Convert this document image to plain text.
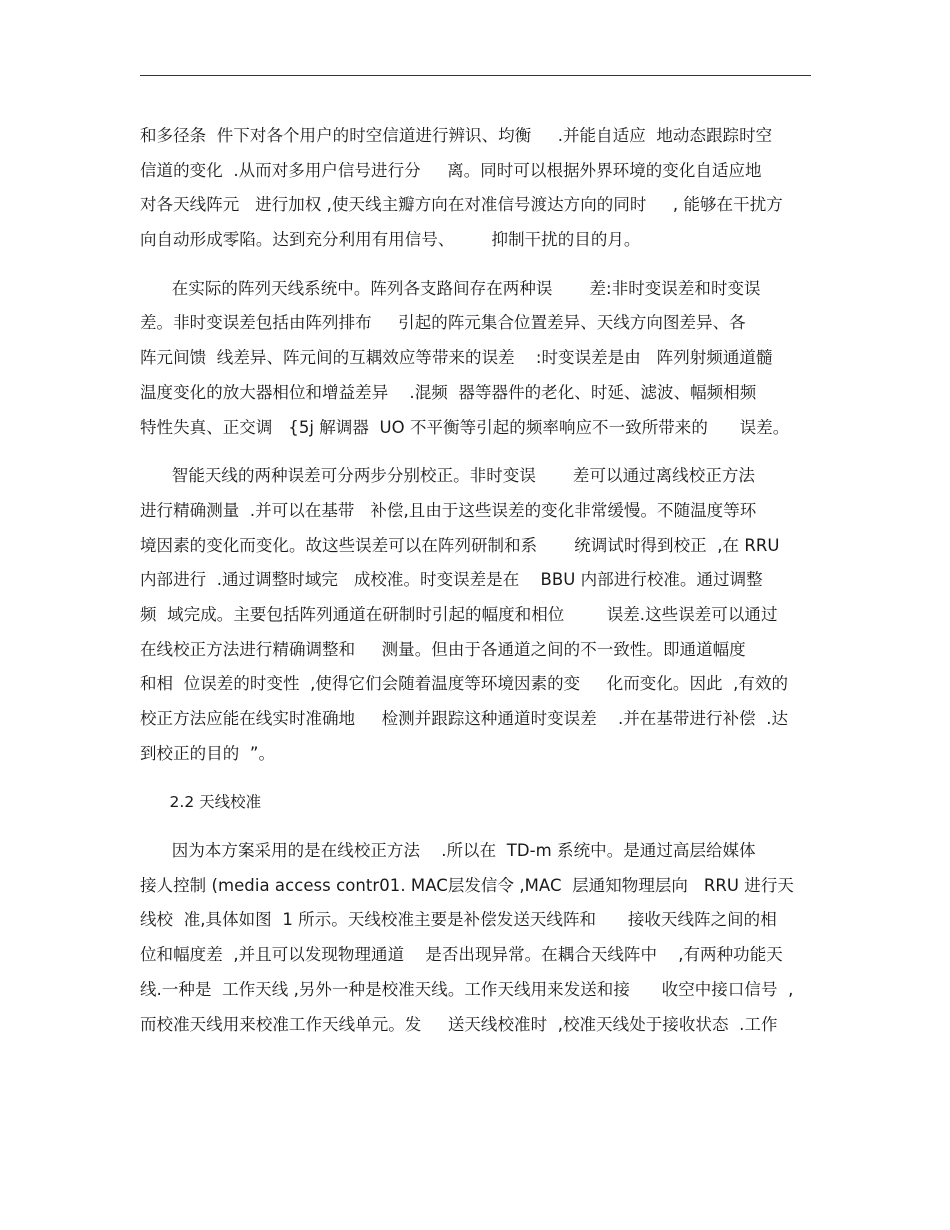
和多径条  件下对各个用户的时空信道进行辨识、均衡     .并能自适应  地动态跟踪时空
信道的变化  .从而对多用户信号进行分     离。同时可以根据外界环境的变化自适应地
对各天线阵元   进行加权 ,使天线主瓣方向在对准信号渡达方向的同时     , 能够在干扰方
向自动形成零陷。达到充分利用有用信号、       抑制干扰的目的月。
在实际的阵列天线系统中。阵列各支路间存在两种误       差:非时变误差和时变误
差。非时变误差包括由阵列排布     引起的阵元集合位置差异、天线方向图差异、各
阵元间馈  线差异、阵元间的互耦效应等带来的误差    :时变误差是由   阵列射频通道髓
温度变化的放大器相位和增益差异    .混频  器等器件的老化、时延、滤波、幅频相频
特性失真、正交调   {5j 解调器  UO 不平衡等引起的频率响应不一致所带来的      误差。
智能天线的两种误差可分两步分别校正。非时变误       差可以通过离线校正方法
进行精确测量  .并可以在基带   补偿,且由于这些误差的变化非常缓慢。不随温度等环
境因素的变化而变化。故这些误差可以在阵列研制和系       统调试时得到校正  ,在 RRU
内部进行  .通过调整时域完   成校准。时变误差是在    BBU 内部进行校准。通过调整
频  域完成。主要包括阵列通道在研制时引起的幅度和相位        误差.这些误差可以通过
在线校正方法进行精确调整和     测量。但由于各通道之间的不一致性。即通道幅度
和相  位误差的时变性  ,使得它们会随着温度等环境因素的变     化而变化。因此  ,有效的
校正方法应能在线实时准确地     检测并跟踪这种通道时变误差    .并在基带进行补偿  .达
到校正的目的  ”。
2.2 天线校准
因为本方案采用的是在线校正方法    .所以在  TD-m 系统中。是通过高层给媒体
接人控制 (media access contr01. MAC层发信令 ,MAC  层通知物理层向   RRU 进行天
线校  准,具体如图  1 所示。天线校准主要是补偿发送天线阵和      接收天线阵之间的相
位和幅度差  ,并且可以发现物理通道    是否出现异常。在耦合天线阵中    ,有两种功能天
线.一种是  工作天线 ,另外一种是校准天线。工作天线用来发送和接      收空中接口信号  ,
而校准天线用来校准工作天线单元。发     送天线校准时  ,校准天线处于接收状态  .工作
